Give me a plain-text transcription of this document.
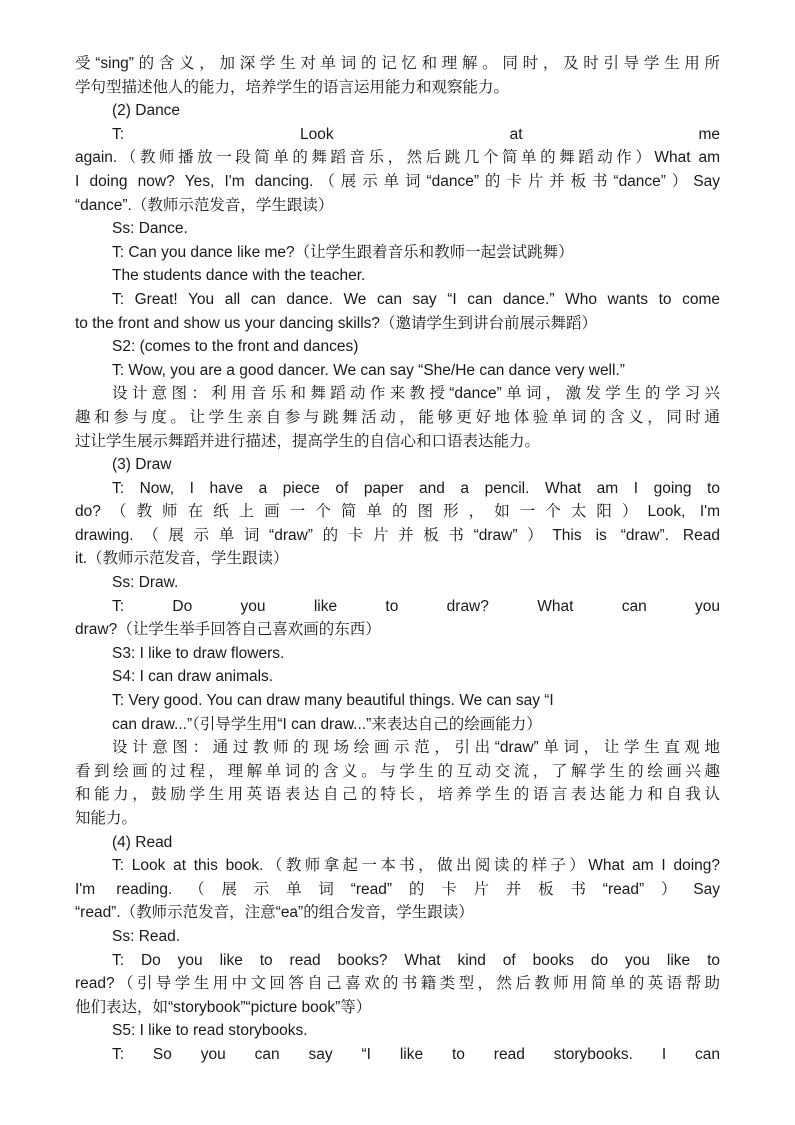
受“sing”的含义，加深学生对单词的记忆和理解。同时，及时引导学生用所
学句型描述他人的能力，培养学生的语言运用能力和观察能力。
(2) Dance
T: Look at me
again.（教师播放一段简单的舞蹈音乐，然后跳几个简单的舞蹈动作）What am
I doing now? Yes, I'm dancing.（展示单词“dance”的卡片并板书“dance”）Say
“dance”.（教师示范发音，学生跟读）
Ss: Dance.
T: Can you dance like me?（让学生跟着音乐和教师一起尝试跳舞）
The students dance with the teacher.
T: Great! You all can dance. We can say “I can dance.” Who wants to come
to the front and show us your dancing skills?（邀请学生到讲台前展示舞蹈）
S2: (comes to the front and dances)
T: Wow, you are a good dancer. We can say “She/He can dance very well.”
设计意图：利用音乐和舞蹈动作来教授“dance”单词，激发学生的学习兴
趣和参与度。让学生亲自参与跳舞活动，能够更好地体验单词的含义，同时通
过让学生展示舞蹈并进行描述，提高学生的自信心和口语表达能力。
(3) Draw
T: Now, I have a piece of paper and a pencil. What am I going to
do?（教师在纸上画一个简单的图形，如一个太阳）Look, I'm
drawing.（展示单词“draw”的卡片并板书“draw”）This is “draw”. Read
it.（教师示范发音，学生跟读）
Ss: Draw.
T: Do you like to draw? What can you
draw?（让学生举手回答自己喜欢画的东西）
S3: I like to draw flowers.
S4: I can draw animals.
T: Very good. You can draw many beautiful things. We can say “I
can draw...”（引导学生用“I can draw...”来表达自己的绘画能力）
设计意图：通过教师的现场绘画示范，引出“draw”单词，让学生直观地
看到绘画的过程，理解单词的含义。与学生的互动交流，了解学生的绘画兴趣
和能力，鼓励学生用英语表达自己的特长，培养学生的语言表达能力和自我认
知能力。
(4) Read
T: Look at this book.（教师拿起一本书，做出阅读的样子）What am I doing?
I'm reading.（展示单词“read”的卡片并板书“read”）Say
“read”.（教师示范发音，注意“ea”的组合发音，学生跟读）
Ss: Read.
T: Do you like to read books? What kind of books do you like to
read?（引导学生用中文回答自己喜欢的书籍类型，然后教师用简单的英语帮助
他们表达，如“storybook”“picture book”等）
S5: I like to read storybooks.
T: So you can say “I like to read storybooks. I can
